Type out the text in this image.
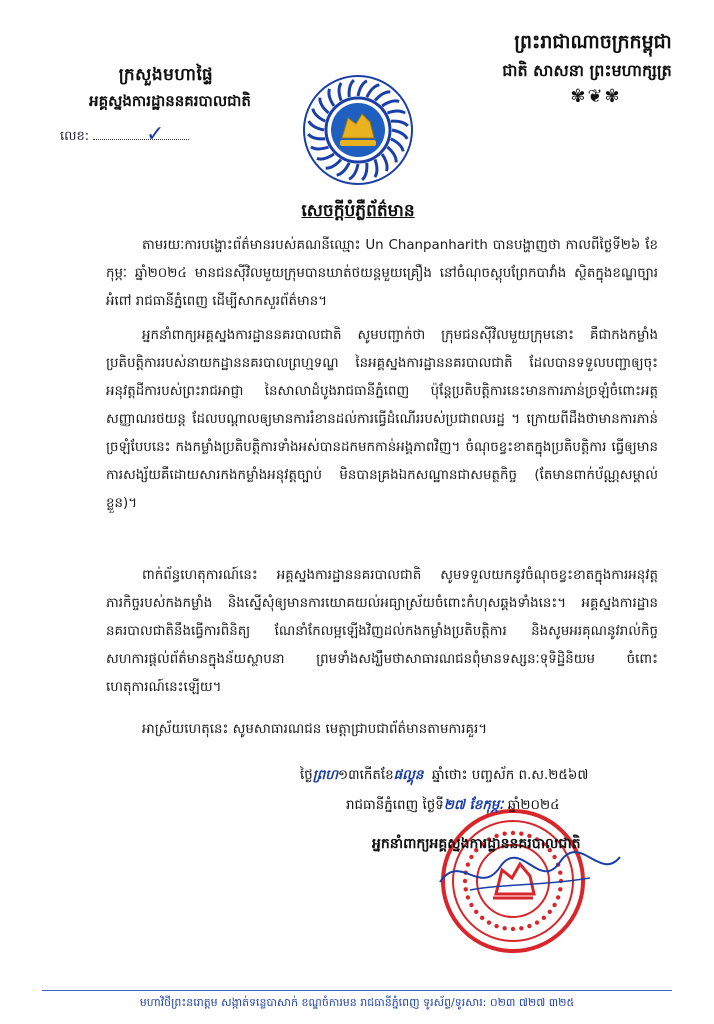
ក្រសួងមហាផ្ទៃ
អគ្គស្នងការដ្ឋាននគរបាលជាតិ
លេខ:	✓
ព្រះរាជាណាចក្រកម្ពុជា
ជាតិ សាសនា ព្រះមហាក្សត្រ
✾❦✾
សេចក្ដីបំភ្លឺព័ត៌មាន
តាមរយៈការបង្ហោះព័ត៌មានរបស់គណនីឈ្មោះ Un Chanpanharith បានបង្ហាញថា កាលពីថ្ងៃទី២៦ ខែកុម្ភៈ ឆ្នាំ២០២៤ មានជនស៊ីវិលមួយក្រុមបានឃាត់ថយន្តមួយគ្រឿង នៅចំណុចស្តុបព្រែកបាវាំង ស្ថិតក្នុងខណ្ឌច្បារអំពៅ រាជធានីភ្នំពេញ ដើម្បីសាកសួរព័ត៌មាន។
អ្នកនាំពាក្យអគ្គស្នងការដ្ឋាននគរបាលជាតិ សូមបញ្ជាក់ថា ក្រុមជនស៊ីវិលមួយក្រុមនោះ គឺជាកងកម្លាំងប្រតិបត្តិការរបស់នាយកដ្ឋាននគរបាលព្រហ្មទណ្ឌ នៃអគ្គស្នងការដ្ឋាននគរបាលជាតិ ដែលបានទទួលបញ្ជាឲ្យចុះអនុវត្តដីការបស់ព្រះរាជអាជ្ញា នៃសាលាដំបូងរាជធានីភ្នំពេញ ប៉ុន្តែប្រតិបត្តិការនេះមានការភាន់ច្រឡំចំពោះអត្តសញ្ញាណរថយន្ត ដែលបណ្តាលឲ្យមានការរំខានដល់ការធ្វើដំណើររបស់ប្រជាពលរដ្ឋ ។ ក្រោយពីដឹងថាមានការភាន់ច្រឡំបែបនេះ កងកម្លាំងប្រតិបត្តិការទាំងអស់បានដកមកកាន់អង្គភាពវិញ។ ចំណុចខ្វះខាតក្នុងប្រតិបត្តិការ ធ្វើឲ្យមានការសង្ស័យគឺដោយសារកងកម្លាំងអនុវត្តច្បាប់ មិនបានគ្រងឯកសណ្ឋានជាសមត្ថកិច្ច (តែមានពាក់ប័ណ្ណសម្គាល់ខ្លួន)។
ពាក់ព័ន្ធហេតុការណ៍នេះ អគ្គស្នងការដ្ឋាននគរបាលជាតិ សូមទទួលយកនូវចំណុចខ្វះខាតក្នុងការអនុវត្តភារកិច្ចរបស់កងកម្លាំង និងស្នើសុំឲ្យមានការយោគយល់អធ្យាស្រ័យចំពោះកំហុសឆ្គងទាំងនេះ។ អគ្គស្នងការដ្ឋាននគរបាលជាតិនឹងធ្វើការពិនិត្យ ណែនាំកែលម្អឡើងវិញដល់កងកម្លាំងប្រតិបត្តិការ និងសូមអរគុណនូវរាល់កិច្ចសហការផ្តល់ព័ត៌មានក្នុងន័យស្ថាបនា ព្រមទាំងសង្ឃឹមថាសាធារណជនពុំមានទស្សនៈទុទិដ្ឋិនិយម ចំពោះហេតុការណ៍នេះឡើយ។
អាស្រ័យហេតុនេះ សូមសាធារណជន មេត្តាជ្រាបជាព័ត៌មានតាមការគួរ។
ថ្ងៃព្រហ១៣កើតខែផល្គុន ឆ្នាំថោះ បញ្ចស័ក ព.ស.២៥៦៧
រាជធានីភ្នំពេញ ថ្ងៃទី២៧ ខែកុម្ភៈ ឆ្នាំ២០២៤
អ្នកនាំពាក្យអគ្គស្នងការដ្ឋាននគរបាលជាតិ
មហាវិថីព្រះនរោត្តម សង្កាត់ទន្លេបាសាក់ ខណ្ឌចំការមន រាជធានីភ្នំពេញ ទូរស័ព្ទ/ទូរសារ: ០២៣ ៧២៧ ៣២៥
